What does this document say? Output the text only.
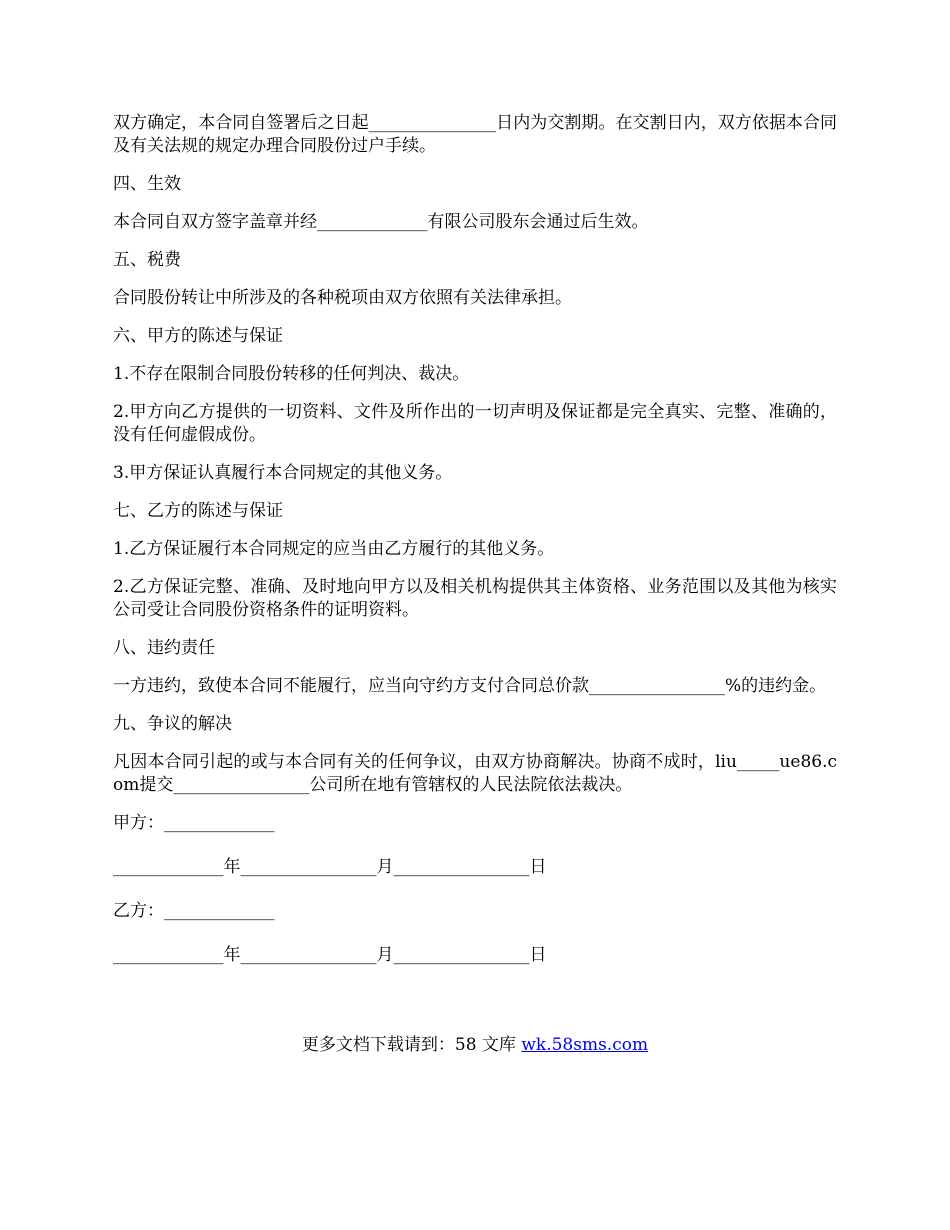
双方确定，本合同自签署后之日起_______________日内为交割期。在交割日内，双方依据本合同及有关法规的规定办理合同股份过户手续。

四、生效

本合同自双方签字盖章并经_____________有限公司股东会通过后生效。

五、税费

合同股份转让中所涉及的各种税项由双方依照有关法律承担。

六、甲方的陈述与保证

1.不存在限制合同股份转移的任何判决、裁决。

2.甲方向乙方提供的一切资料、文件及所作出的一切声明及保证都是完全真实、完整、准确的，没有任何虚假成份。

3.甲方保证认真履行本合同规定的其他义务。

七、乙方的陈述与保证

1.乙方保证履行本合同规定的应当由乙方履行的其他义务。

2.乙方保证完整、准确、及时地向甲方以及相关机构提供其主体资格、业务范围以及其他为核实公司受让合同股份资格条件的证明资料。

八、违约责任

一方违约，致使本合同不能履行，应当向守约方支付合同总价款________________%的违约金。

九、争议的解决

凡因本合同引起的或与本合同有关的任何争议，由双方协商解决。协商不成时，liu_____ue86.com提交________________公司所在地有管辖权的人民法院依法裁决。

甲方：_____________

_____________年________________月________________日

乙方：_____________

_____________年________________月________________日

更多文档下载请到：58 文库 wk.58sms.com
